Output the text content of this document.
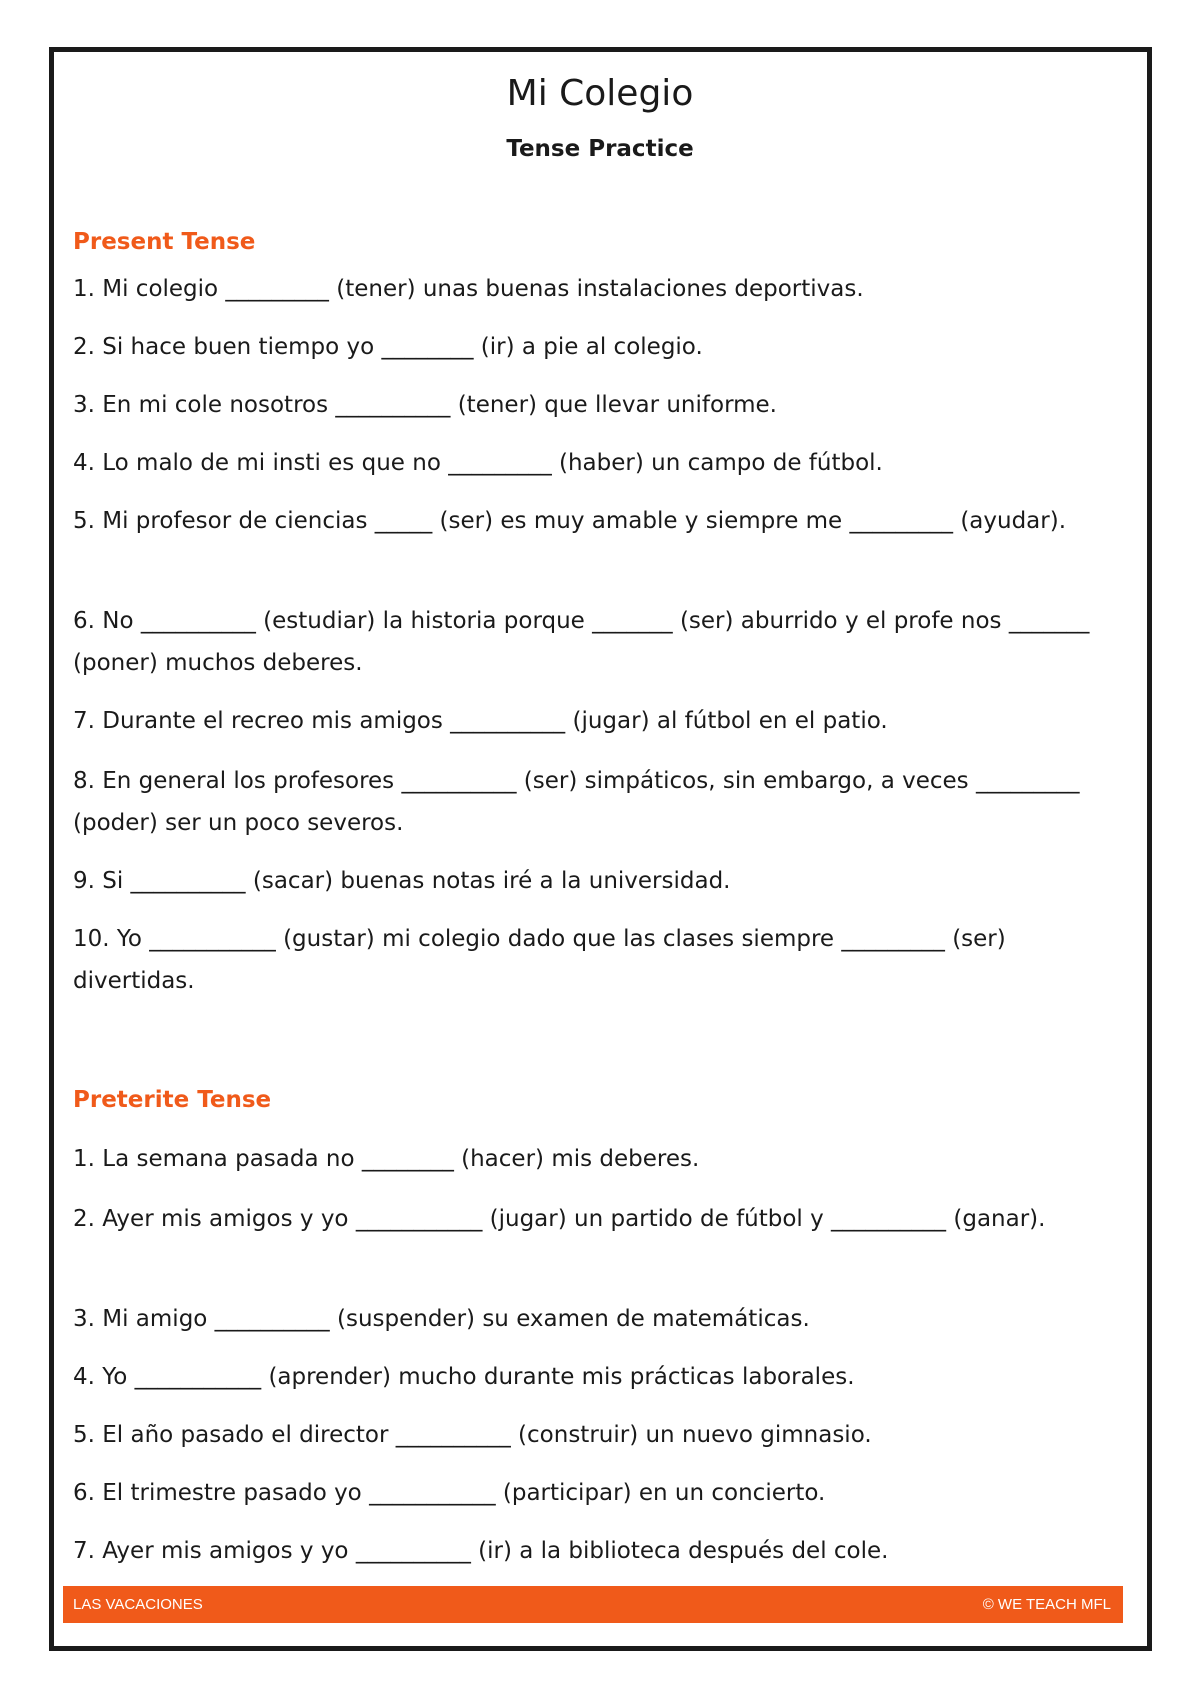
Mi Colegio
Tense Practice
Present Tense

1. Mi colegio _________ (tener) unas buenas instalaciones deportivas.

2. Si hace buen tiempo yo ________ (ir) a pie al colegio.

3. En mi cole nosotros __________ (tener) que llevar uniforme.

4. Lo malo de mi insti es que no _________ (haber) un campo de fútbol.

5. Mi profesor de ciencias _____ (ser) es muy amable y siempre me _________ (ayudar).

6. No __________ (estudiar) la historia porque _______ (ser) aburrido y el profe nos _______ (poner) muchos deberes.

7. Durante el recreo mis amigos __________ (jugar) al fútbol en el patio.

8. En general los profesores __________ (ser) simpáticos, sin embargo, a veces _________ (poder) ser un poco severos.

9. Si __________ (sacar) buenas notas iré a la universidad.

10. Yo ___________ (gustar) mi colegio dado que las clases siempre _________ (ser) divertidas.

Preterite Tense

1. La semana pasada no ________ (hacer) mis deberes.

2. Ayer mis amigos y yo ___________ (jugar) un partido de fútbol y __________ (ganar).

3. Mi amigo __________ (suspender) su examen de matemáticas.

4. Yo ___________ (aprender) mucho durante mis prácticas laborales.

5. El año pasado el director __________ (construir) un nuevo gimnasio.

6. El trimestre pasado yo ___________ (participar) en un concierto.

7. Ayer mis amigos y yo __________ (ir) a la biblioteca después del cole.

LAS VACACIONES	© WE TEACH MFL
